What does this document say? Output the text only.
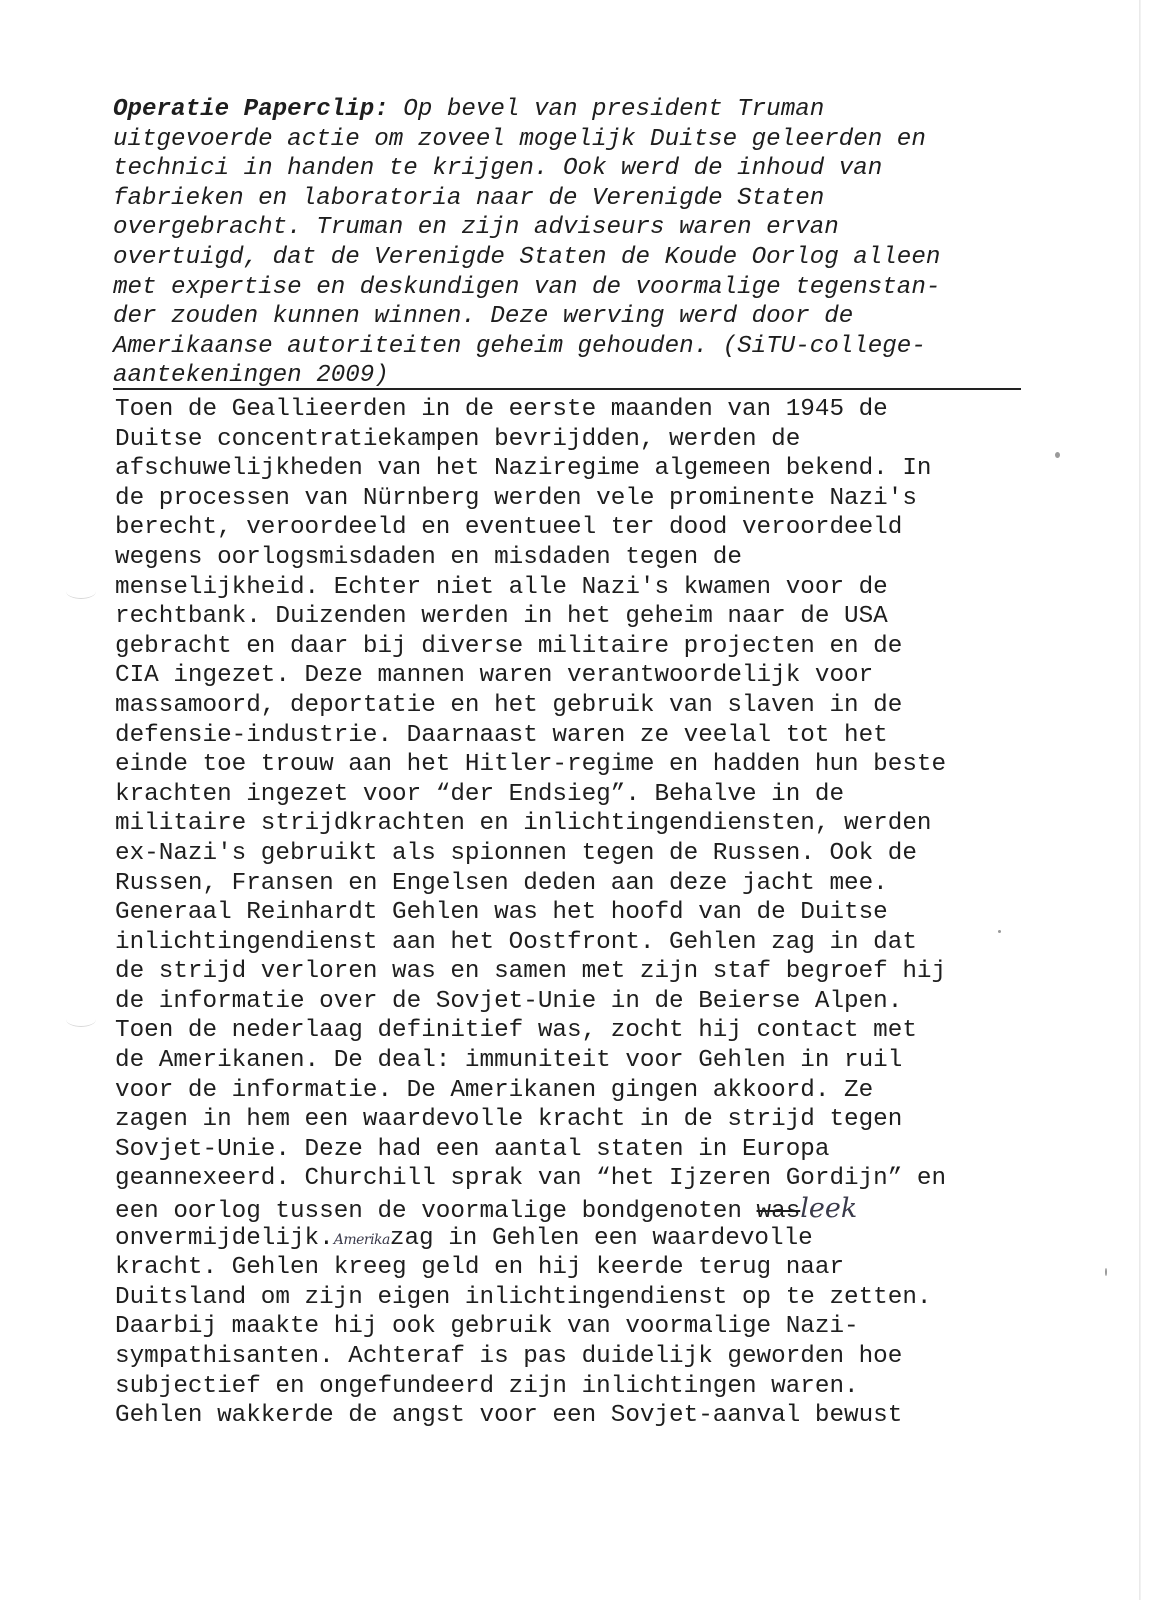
Operatie Paperclip: Op bevel van president Truman
uitgevoerde actie om zoveel mogelijk Duitse geleerden en
technici in handen te krijgen. Ook werd de inhoud van
fabrieken en laboratoria naar de Verenigde Staten
overgebracht. Truman en zijn adviseurs waren ervan
overtuigd, dat de Verenigde Staten de Koude Oorlog alleen
met expertise en deskundigen van de voormalige tegenstan-
der zouden kunnen winnen. Deze werving werd door de
Amerikaanse autoriteiten geheim gehouden. (SiTU-college-
aantekeningen 2009)
Toen de Geallieerden in de eerste maanden van 1945 de
Duitse concentratiekampen bevrijdden, werden de
afschuwelijkheden van het Naziregime algemeen bekend. In
de processen van Nürnberg werden vele prominente Nazi's
berecht, veroordeeld en eventueel ter dood veroordeeld
wegens oorlogsmisdaden en misdaden tegen de
menselijkheid. Echter niet alle Nazi's kwamen voor de
rechtbank. Duizenden werden in het geheim naar de USA
gebracht en daar bij diverse militaire projecten en de
CIA ingezet. Deze mannen waren verantwoordelijk voor
massamoord, deportatie en het gebruik van slaven in de
defensie-industrie. Daarnaast waren ze veelal tot het
einde toe trouw aan het Hitler-regime en hadden hun beste
krachten ingezet voor “der Endsieg”. Behalve in de
militaire strijdkrachten en inlichtingendiensten, werden
ex-Nazi's gebruikt als spionnen tegen de Russen. Ook de
Russen, Fransen en Engelsen deden aan deze jacht mee.
Generaal Reinhardt Gehlen was het hoofd van de Duitse
inlichtingendienst aan het Oostfront. Gehlen zag in dat
de strijd verloren was en samen met zijn staf begroef hij
de informatie over de Sovjet-Unie in de Beierse Alpen.
Toen de nederlaag definitief was, zocht hij contact met
de Amerikanen. De deal: immuniteit voor Gehlen in ruil
voor de informatie. De Amerikanen gingen akkoord. Ze
zagen in hem een waardevolle kracht in de strijd tegen
Sovjet-Unie. Deze had een aantal staten in Europa
geannexeerd. Churchill sprak van “het Ijzeren Gordijn” en
een oorlog tussen de voormalige bondgenoten wasleek
onvermijdelijk.Amerikazag in Gehlen een waardevolle
kracht. Gehlen kreeg geld en hij keerde terug naar
Duitsland om zijn eigen inlichtingendienst op te zetten.
Daarbij maakte hij ook gebruik van voormalige Nazi-
sympathisanten. Achteraf is pas duidelijk geworden hoe
subjectief en ongefundeerd zijn inlichtingen waren.
Gehlen wakkerde de angst voor een Sovjet-aanval bewust
